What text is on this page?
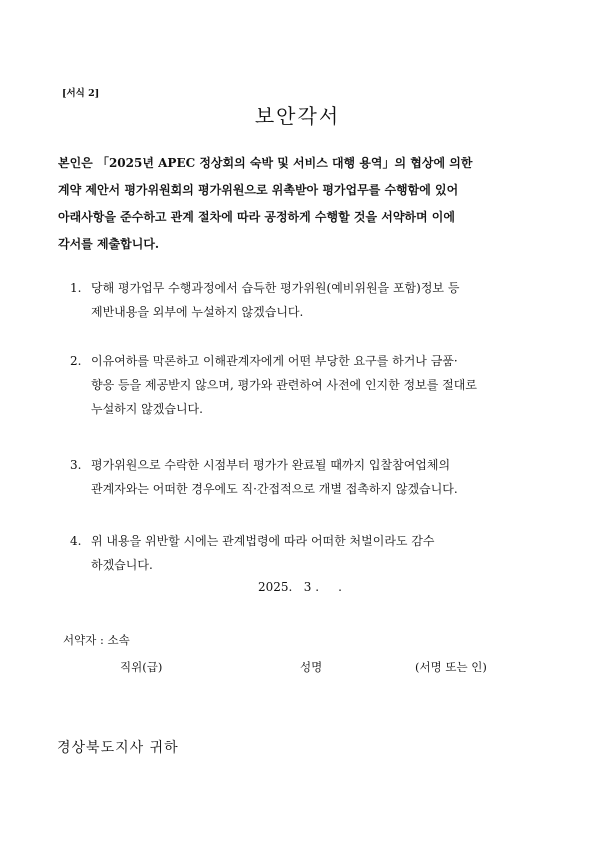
[서식 2]
보안각서
본인은 「2025년 APEC 정상회의 숙박 및 서비스 대행 용역」의 협상에 의한
계약 제안서 평가위원회의 평가위원으로 위촉받아 평가업무를 수행함에 있어
아래사항을 준수하고 관계 절차에 따라 공정하게 수행할 것을 서약하며 이에
각서를 제출합니다.
1. 당해 평가업무 수행과정에서 습득한 평가위원(예비위원을 포함)정보 등
제반내용을 외부에 누설하지 않겠습니다.
2. 이유여하를 막론하고 이해관계자에게 어떤 부당한 요구를 하거나 금품·
향응 등을 제공받지 않으며, 평가와 관련하여 사전에 인지한 정보를 절대로
누설하지 않겠습니다.
3. 평가위원으로 수락한 시점부터 평가가 완료될 때까지 입찰참여업체의
관계자와는 어떠한 경우에도 직·간접적으로 개별 접촉하지 않겠습니다.
4. 위 내용을 위반할 시에는 관계법령에 따라 어떠한 처벌이라도 감수
하겠습니다.
2025.   3 .     .
서약자 : 소속
직위(급)	성명	(서명 또는 인)
경상북도지사 귀하
